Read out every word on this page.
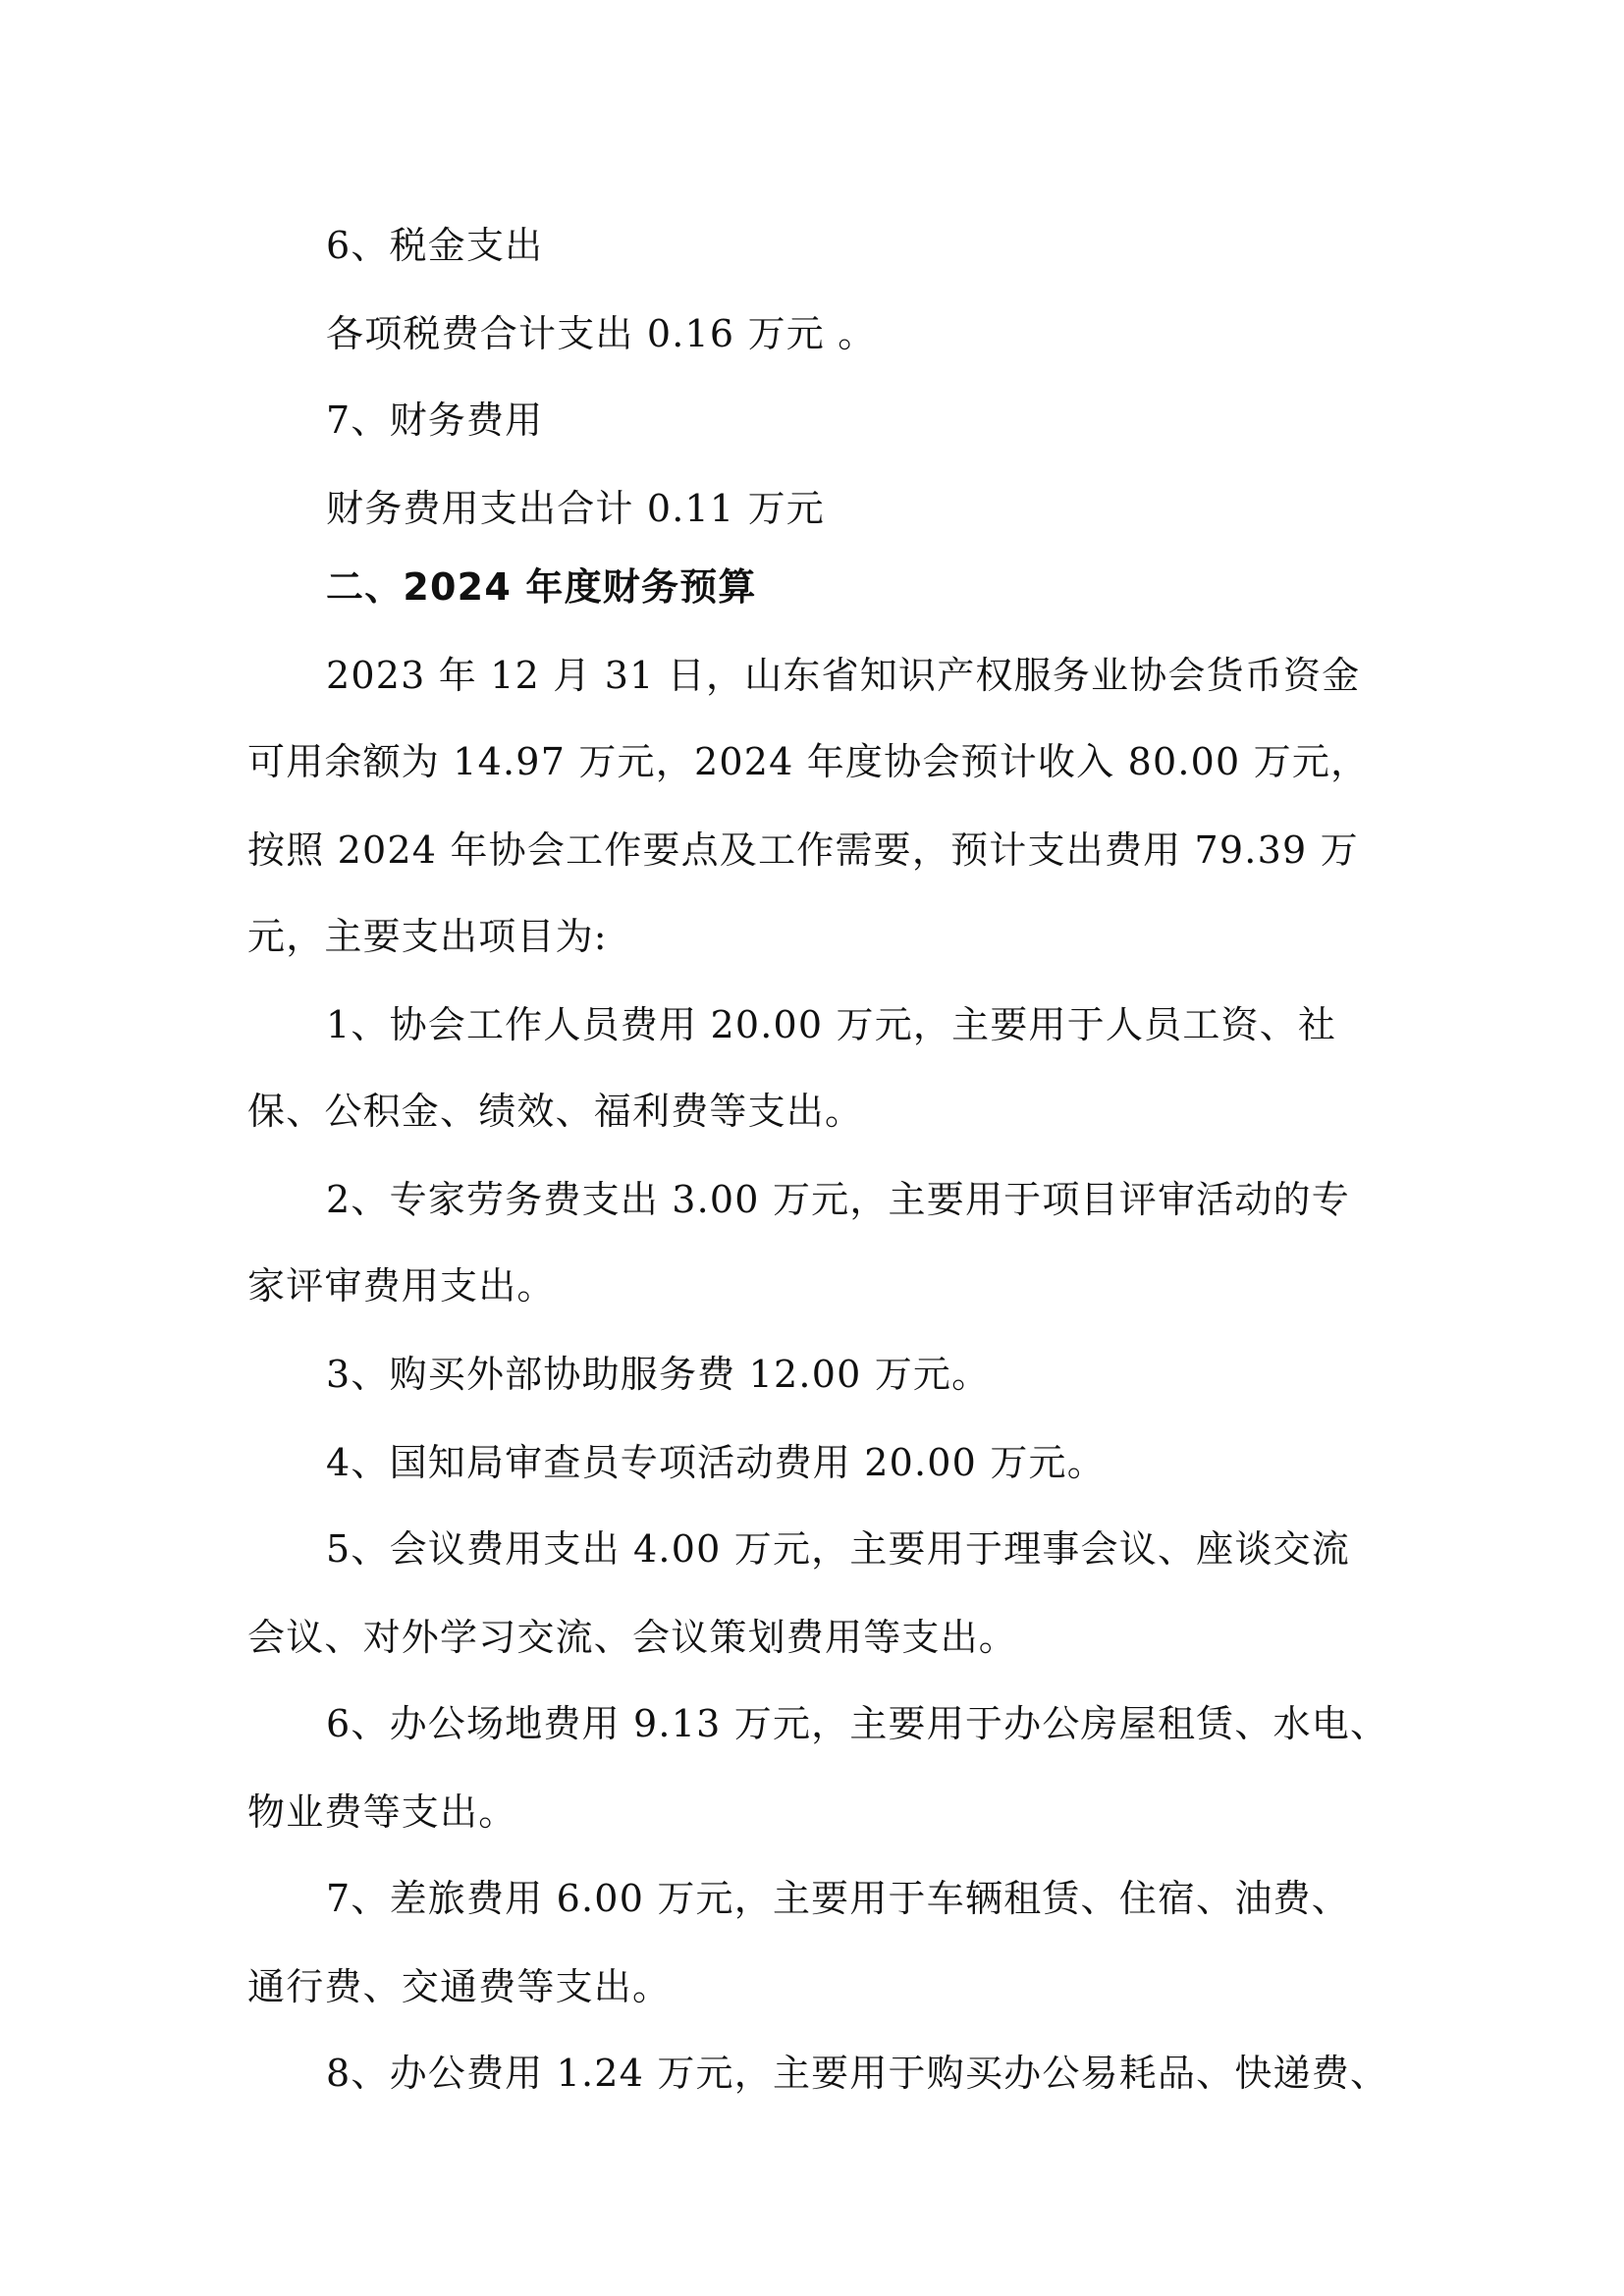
6、税金支出
各项税费合计支出 0.16 万元 。
7、财务费用
财务费用支出合计 0.11 万元
二、2024 年度财务预算
2023 年 12 月 31 日，山东省知识产权服务业协会货币资金
可用余额为 14.97 万元，2024 年度协会预计收入 80.00 万元，
按照 2024 年协会工作要点及工作需要，预计支出费用 79.39 万
元，主要支出项目为:
1、协会工作人员费用 20.00 万元，主要用于人员工资、社
保、公积金、绩效、福利费等支出。
2、专家劳务费支出 3.00 万元，主要用于项目评审活动的专
家评审费用支出。
3、购买外部协助服务费 12.00 万元。
4、国知局审查员专项活动费用 20.00 万元。
5、会议费用支出 4.00 万元，主要用于理事会议、座谈交流
会议、对外学习交流、会议策划费用等支出。
6、办公场地费用 9.13 万元，主要用于办公房屋租赁、水电、
物业费等支出。
7、差旅费用 6.00 万元，主要用于车辆租赁、住宿、油费、
通行费、交通费等支出。
8、办公费用 1.24 万元，主要用于购买办公易耗品、快递费、
